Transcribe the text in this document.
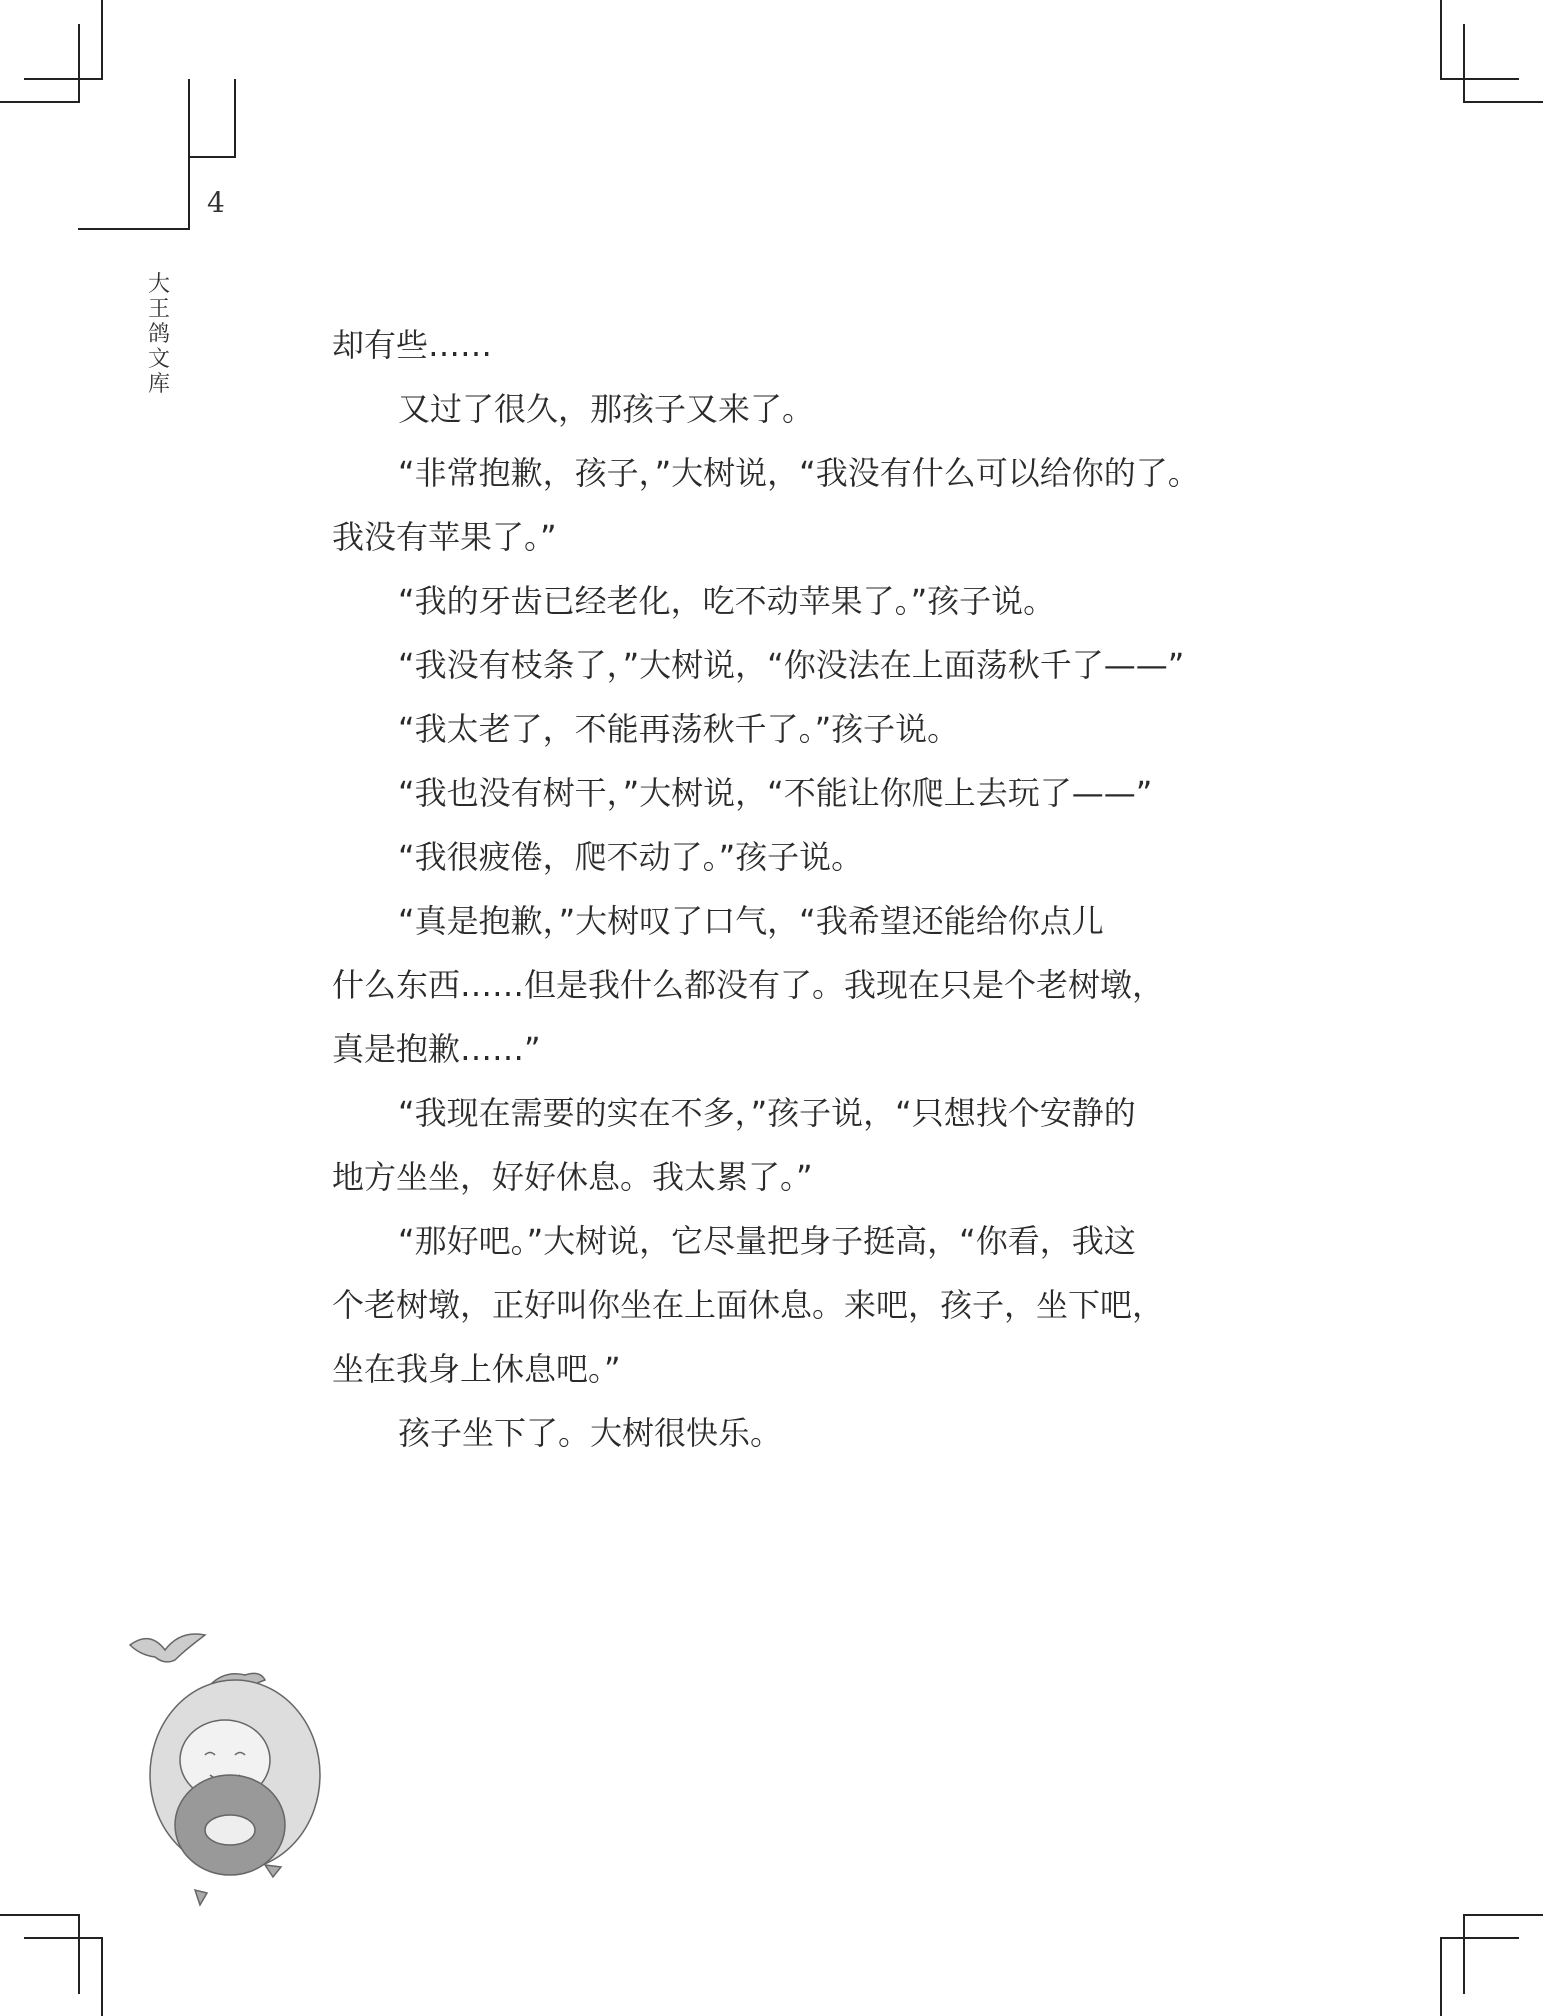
4
大
王
鸽
文
库
却有些……
又过了很久，那孩子又来了。
“非常抱歉，孩子，”大树说，“我没有什么可以给你的了。
我没有苹果了。”
“我的牙齿已经老化，吃不动苹果了。”孩子说。
“我没有枝条了，”大树说，“你没法在上面荡秋千了——”
“我太老了，不能再荡秋千了。”孩子说。
“我也没有树干，”大树说，“不能让你爬上去玩了——”
“我很疲倦，爬不动了。”孩子说。
“真是抱歉，”大树叹了口气，“我希望还能给你点儿
什么东西……但是我什么都没有了。我现在只是个老树墩，
真是抱歉……”
“我现在需要的实在不多，”孩子说，“只想找个安静的
地方坐坐，好好休息。我太累了。”
“那好吧。”大树说，它尽量把身子挺高，“你看，我这
个老树墩，正好叫你坐在上面休息。来吧，孩子，坐下吧，
坐在我身上休息吧。”
孩子坐下了。大树很快乐。
